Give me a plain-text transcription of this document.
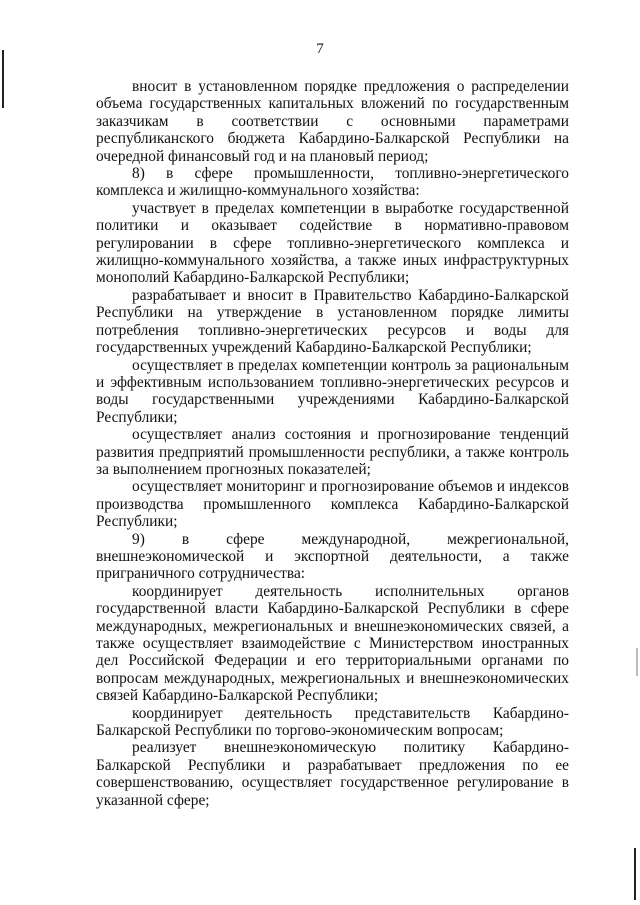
7

вносит в установленном порядке предложения о распределении объема государственных капитальных вложений по государственным заказчикам в соответствии с основными параметрами республиканского бюджета Кабардино-Балкарской Республики на очередной финансовый год и на плановый период;

8) в сфере промышленности, топливно-энергетического комплекса и жилищно-коммунального хозяйства:

участвует в пределах компетенции в выработке государственной политики и оказывает содействие в нормативно-правовом регулировании в сфере топливно-энергетического комплекса и жилищно-коммунального хозяйства, а также иных инфраструктурных монополий Кабардино-Балкарской Республики;

разрабатывает и вносит в Правительство Кабардино-Балкарской Республики на утверждение в установленном порядке лимиты потребления топливно-энергетических ресурсов и воды для государственных учреждений Кабардино-Балкарской Республики;

осуществляет в пределах компетенции контроль за рациональным и эффективным использованием топливно-энергетических ресурсов и воды государственными учреждениями Кабардино-Балкарской Республики;

осуществляет анализ состояния и прогнозирование тенденций развития предприятий промышленности республики, а также контроль за выполнением прогнозных показателей;

осуществляет мониторинг и прогнозирование объемов и индексов производства промышленного комплекса Кабардино-Балкарской Республики;

9) в сфере международной, межрегиональной, внешнеэкономической и экспортной деятельности, а также приграничного сотрудничества:

координирует деятельность исполнительных органов государственной власти Кабардино-Балкарской Республики в сфере международных, межрегиональных и внешнеэкономических связей, а также осуществляет взаимодействие с Министерством иностранных дел Российской Федерации и его территориальными органами по вопросам международных, межрегиональных и внешнеэкономических связей Кабардино-Балкарской Республики;

координирует деятельность представительств Кабардино-Балкарской Республики по торгово-экономическим вопросам;

реализует внешнеэкономическую политику Кабардино-Балкарской Республики и разрабатывает предложения по ее совершенствованию, осуществляет государственное регулирование в указанной сфере;
